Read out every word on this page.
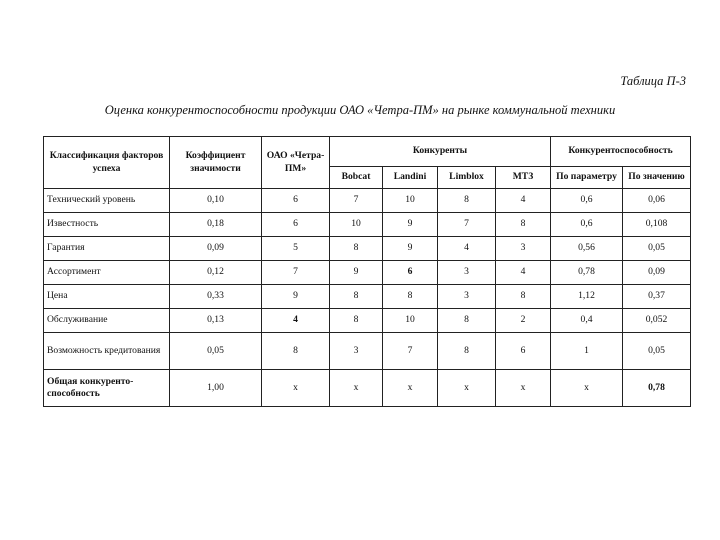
Таблица П-3
Оценка конкурентоспособности продукции ОАО «Четра-ПМ» на рынке коммунальной техники
Классификация факторов успеха	Коэффициент значимости	ОАО «Четра-ПМ»	Конкуренты				Конкурентоспособность	
			Bobcat	Landini	Limblox	МТЗ	По параметру	По значению
Технический уровень	0,10	6	7	10	8	4	0,6	0,06
Известность	0,18	6	10	9	7	8	0,6	0,108
Гарантия	0,09	5	8	9	4	3	0,56	0,05
Ассортимент	0,12	7	9	6	3	4	0,78	0,09
Цена	0,33	9	8	8	3	8	1,12	0,37
Обслуживание	0,13	4	8	10	8	2	0,4	0,052
Возможность кредитования	0,05	8	3	7	8	6	1	0,05
Общая конкуренто-способность	1,00	х	х	х	х	х	х	0,78
